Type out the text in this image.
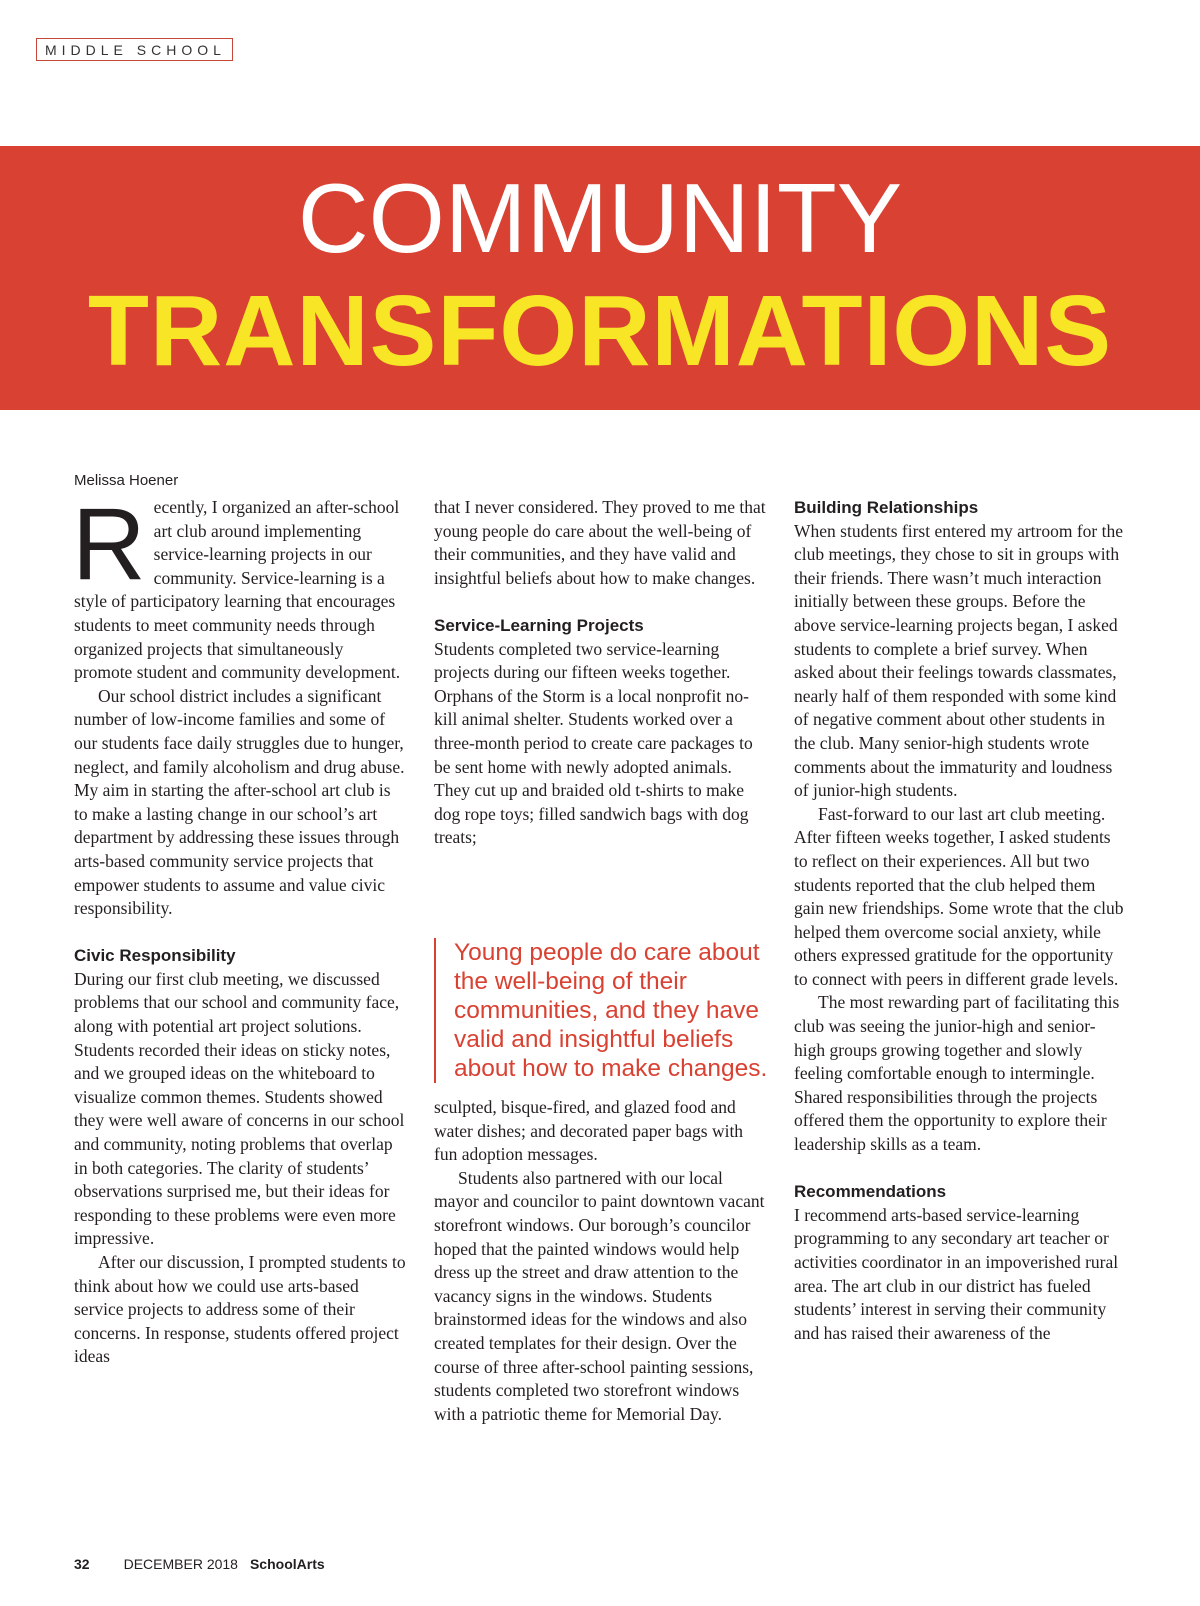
MIDDLE SCHOOL
COMMUNITY
TRANSFORMATIONS
Melissa Hoener

Recently, I organized an after-school art club around implementing service-learning projects in our community. Service-learning is a style of participatory learning that encourages students to meet community needs through organized projects that simultaneously promote student and community development.

Our school district includes a significant number of low-income families and some of our students face daily struggles due to hunger, neglect, and family alcoholism and drug abuse. My aim in starting the after-school art club is to make a lasting change in our school’s art department by addressing these issues through arts-based community service projects that empower students to assume and value civic responsibility.

Civic Responsibility

During our first club meeting, we discussed problems that our school and community face, along with potential art project solutions. Students recorded their ideas on sticky notes, and we grouped ideas on the whiteboard to visualize common themes. Students showed they were well aware of concerns in our school and community, noting problems that overlap in both categories. The clarity of students’ observations surprised me, but their ideas for responding to these problems were even more impressive.

After our discussion, I prompted students to think about how we could use arts-based service projects to address some of their concerns. In response, students offered project ideas

that I never considered. They proved to me that young people do care about the well-being of their communities, and they have valid and insightful beliefs about how to make changes.

Service-Learning Projects

Students completed two service-learning projects during our fifteen weeks together. Orphans of the Storm is a local nonprofit no-kill animal shelter. Students worked over a three-month period to create care packages to be sent home with newly adopted animals. They cut up and braided old t-shirts to make dog rope toys; filled sandwich bags with dog treats;

Young people do care about the well-being of their communities, and they have valid and insightful beliefs about how to make changes.

sculpted, bisque-fired, and glazed food and water dishes; and decorated paper bags with fun adoption messages.

Students also partnered with our local mayor and councilor to paint downtown vacant storefront windows. Our borough’s councilor hoped that the painted windows would help dress up the street and draw attention to the vacancy signs in the windows. Students brainstormed ideas for the windows and also created templates for their design. Over the course of three after-school painting sessions, students completed two storefront windows with a patriotic theme for Memorial Day.

Building Relationships

When students first entered my artroom for the club meetings, they chose to sit in groups with their friends. There wasn’t much interaction initially between these groups. Before the above service-learning projects began, I asked students to complete a brief survey. When asked about their feelings towards classmates, nearly half of them responded with some kind of negative comment about other students in the club. Many senior-high students wrote comments about the immaturity and loudness of junior-high students.

Fast-forward to our last art club meeting. After fifteen weeks together, I asked students to reflect on their experiences. All but two students reported that the club helped them gain new friendships. Some wrote that the club helped them overcome social anxiety, while others expressed gratitude for the opportunity to connect with peers in different grade levels.

The most rewarding part of facilitating this club was seeing the junior-high and senior-high groups growing together and slowly feeling comfortable enough to intermingle. Shared responsibilities through the projects offered them the opportunity to explore their leadership skills as a team.

Recommendations

I recommend arts-based service-learning programming to any secondary art teacher or activities coordinator in an impoverished rural area. The art club in our district has fueled students’ interest in serving their community and has raised their awareness of the

32 DECEMBER 2018 SchoolArts
